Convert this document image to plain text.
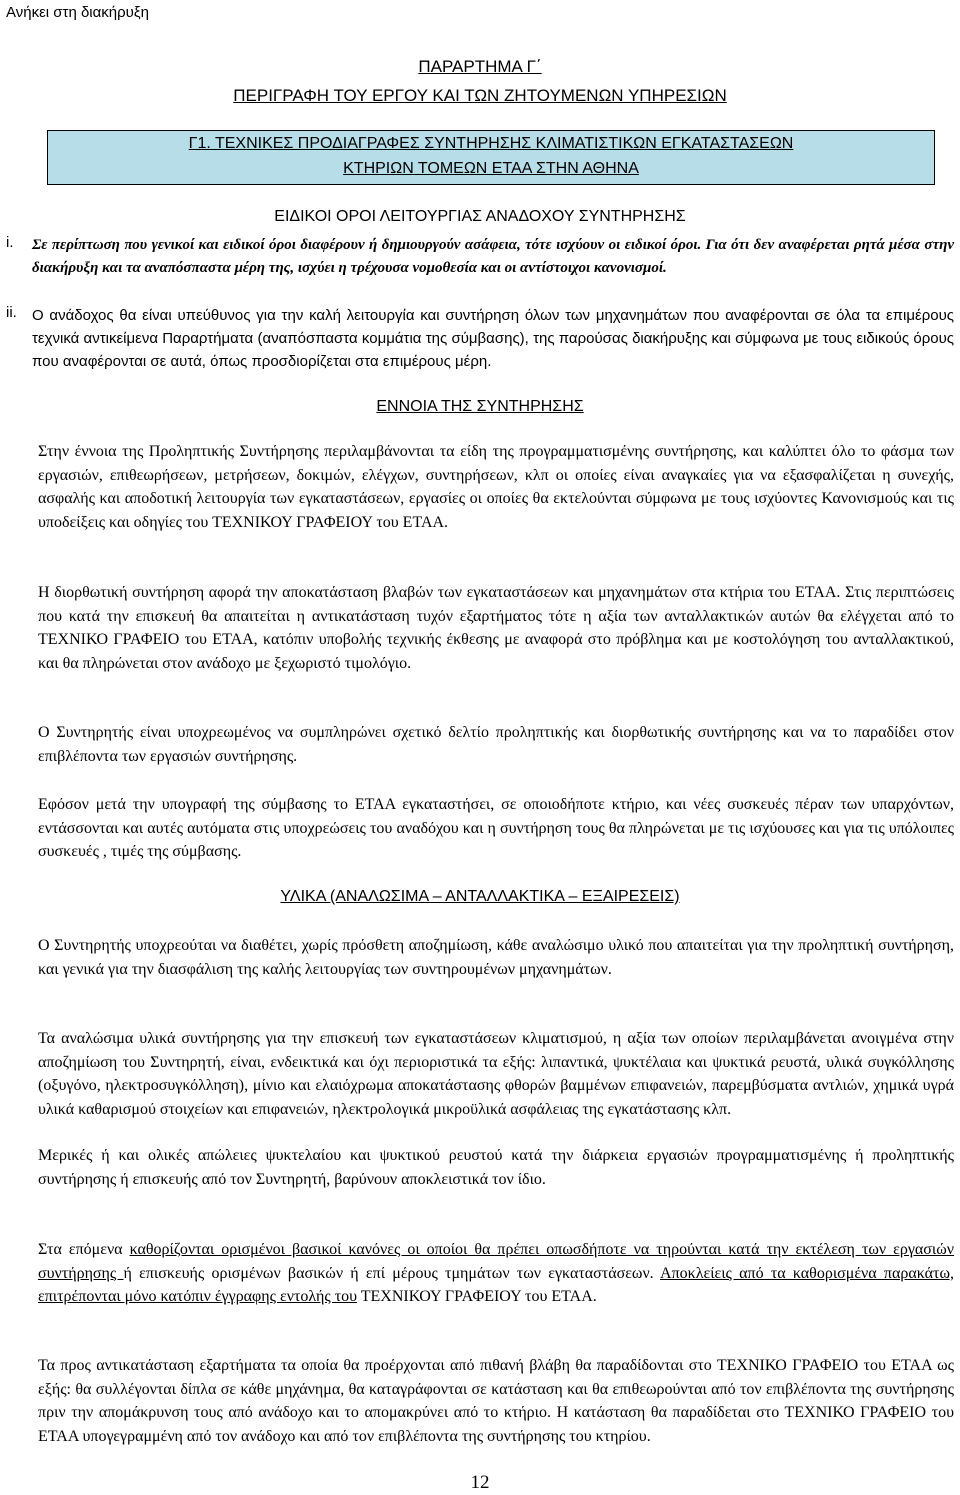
Ανήκει στη διακήρυξη
ΠΑΡΑΡΤΗΜΑ Γ΄
ΠΕΡΙΓΡΑΦΗ ΤΟΥ ΕΡΓΟΥ ΚΑΙ ΤΩΝ ΖΗΤΟΥΜΕΝΩΝ ΥΠΗΡΕΣΙΩΝ
Γ1. ΤΕΧΝΙΚΕΣ ΠΡΟΔΙΑΓΡΑΦΕΣ ΣΥΝΤΗΡΗΣΗΣ ΚΛΙΜΑΤΙΣΤΙΚΩΝ ΕΓΚΑΤΑΣΤΑΣΕΩΝ
ΚΤΗΡΙΩΝ ΤΟΜΕΩΝ ΕΤΑΑ ΣΤΗΝ ΑΘΗΝΑ
ΕΙΔΙΚΟΙ ΟΡΟΙ ΛΕΙΤΟΥΡΓΙΑΣ ΑΝΑΔΟΧΟΥ ΣΥΝΤΗΡΗΣΗΣ
i. Σε περίπτωση που γενικοί και ειδικοί όροι διαφέρουν ή δημιουργούν ασάφεια, τότε ισχύουν οι ειδικοί όροι. Για ότι δεν αναφέρεται ρητά μέσα στην διακήρυξη και τα αναπόσπαστα μέρη της, ισχύει η τρέχουσα νομοθεσία και οι αντίστοιχοι κανονισμοί.
ii. Ο ανάδοχος θα είναι υπεύθυνος για την καλή λειτουργία και συντήρηση όλων των μηχανημάτων που αναφέρονται σε όλα τα επιμέρους τεχνικά αντικείμενα Παραρτήματα (αναπόσπαστα κομμάτια της σύμβασης), της παρούσας διακήρυξης και σύμφωνα με τους ειδικούς όρους που αναφέρονται σε αυτά, όπως προσδιορίζεται στα επιμέρους μέρη.
ΕΝΝΟΙΑ ΤΗΣ ΣΥΝΤΗΡΗΣΗΣ
Στην έννοια της Προληπτικής Συντήρησης περιλαμβάνονται τα είδη της προγραμματισμένης συντήρησης, και καλύπτει όλο το φάσμα των εργασιών, επιθεωρήσεων, μετρήσεων, δοκιμών, ελέγχων, συντηρήσεων, κλπ οι οποίες είναι αναγκαίες για να εξασφαλίζεται η συνεχής, ασφαλής και αποδοτική λειτουργία των εγκαταστάσεων, εργασίες οι οποίες θα εκτελούνται σύμφωνα με τους ισχύοντες Κανονισμούς και τις υποδείξεις και οδηγίες του ΤΕΧΝΙΚΟΥ ΓΡΑΦΕΙΟΥ του ΕΤΑΑ.
Η διορθωτική συντήρηση αφορά την αποκατάσταση βλαβών των εγκαταστάσεων και μηχανημάτων στα κτήρια του ΕΤΑΑ. Στις περιπτώσεις που κατά την επισκευή θα απαιτείται η αντικατάσταση τυχόν εξαρτήματος τότε η αξία των ανταλλακτικών αυτών θα ελέγχεται από το ΤΕΧΝΙΚΟ ΓΡΑΦΕΙΟ του ΕΤΑΑ, κατόπιν υποβολής τεχνικής έκθεσης με αναφορά στο πρόβλημα και με κοστολόγηση του ανταλλακτικού, και θα πληρώνεται στον ανάδοχο με ξεχωριστό τιμολόγιο.
Ο Συντηρητής είναι υποχρεωμένος να συμπληρώνει σχετικό δελτίο προληπτικής και διορθωτικής συντήρησης και να το παραδίδει στον επιβλέποντα των εργασιών συντήρησης.
Εφόσον μετά την υπογραφή της σύμβασης το ΕΤΑΑ εγκαταστήσει, σε οποιοδήποτε κτήριο, και νέες συσκευές πέραν των υπαρχόντων, εντάσσονται και αυτές αυτόματα στις υποχρεώσεις του αναδόχου και η συντήρηση τους θα πληρώνεται με τις ισχύουσες και για τις υπόλοιπες συσκευές , τιμές της σύμβασης.
ΥΛΙΚΑ (ΑΝΑΛΩΣΙΜΑ – ΑΝΤΑΛΛΑΚΤΙΚΑ – ΕΞΑΙΡΕΣΕΙΣ)
Ο Συντηρητής υποχρεούται να διαθέτει, χωρίς πρόσθετη αποζημίωση, κάθε αναλώσιμο υλικό που απαιτείται για την προληπτική συντήρηση, και γενικά για την διασφάλιση της καλής λειτουργίας των συντηρουμένων μηχανημάτων.
Τα αναλώσιμα υλικά συντήρησης για την επισκευή των εγκαταστάσεων κλιματισμού, η αξία των οποίων περιλαμβάνεται ανοιγμένα στην αποζημίωση του Συντηρητή, είναι, ενδεικτικά και όχι περιοριστικά τα εξής: λιπαντικά, ψυκτέλαια και ψυκτικά ρευστά, υλικά συγκόλλησης (οξυγόνο, ηλεκτροσυγκόλληση), μίνιο και ελαιόχρωμα αποκατάστασης φθορών βαμμένων επιφανειών, παρεμβύσματα αντλιών, χημικά υγρά υλικά καθαρισμού στοιχείων και επιφανειών, ηλεκτρολογικά μικροϋλικά ασφάλειας της εγκατάστασης κλπ.
Μερικές ή και ολικές απώλειες ψυκτελαίου και ψυκτικού ρευστού κατά την διάρκεια εργασιών προγραμματισμένης ή προληπτικής συντήρησης ή επισκευής από τον Συντηρητή, βαρύνουν αποκλειστικά τον ίδιο.
Στα επόμενα καθορίζονται ορισμένοι βασικοί κανόνες οι οποίοι θα πρέπει οπωσδήποτε να τηρούνται κατά την εκτέλεση των εργασιών συντήρησης ή επισκευής ορισμένων βασικών ή επί μέρους τμημάτων των εγκαταστάσεων. Αποκλείεις από τα καθορισμένα παρακάτω, επιτρέπονται μόνο κατόπιν έγγραφης εντολής του ΤΕΧΝΙΚΟΥ ΓΡΑΦΕΙΟΥ του ΕΤΑΑ.
Τα προς αντικατάσταση εξαρτήματα τα οποία θα προέρχονται από πιθανή βλάβη θα παραδίδονται στο ΤΕΧΝΙΚΟ ΓΡΑΦΕΙΟ του ΕΤΑΑ ως εξής: θα συλλέγονται δίπλα σε κάθε μηχάνημα, θα καταγράφονται σε κατάσταση και θα επιθεωρούνται από τον επιβλέποντα της συντήρησης πριν την απομάκρυνση τους από ανάδοχο και το απομακρύνει από το κτήριο. Η κατάσταση θα παραδίδεται στο ΤΕΧΝΙΚΟ ΓΡΑΦΕΙΟ του ΕΤΑΑ υπογεγραμμένη από τον ανάδοχο και από τον επιβλέποντα της συντήρησης του κτηρίου.
12
